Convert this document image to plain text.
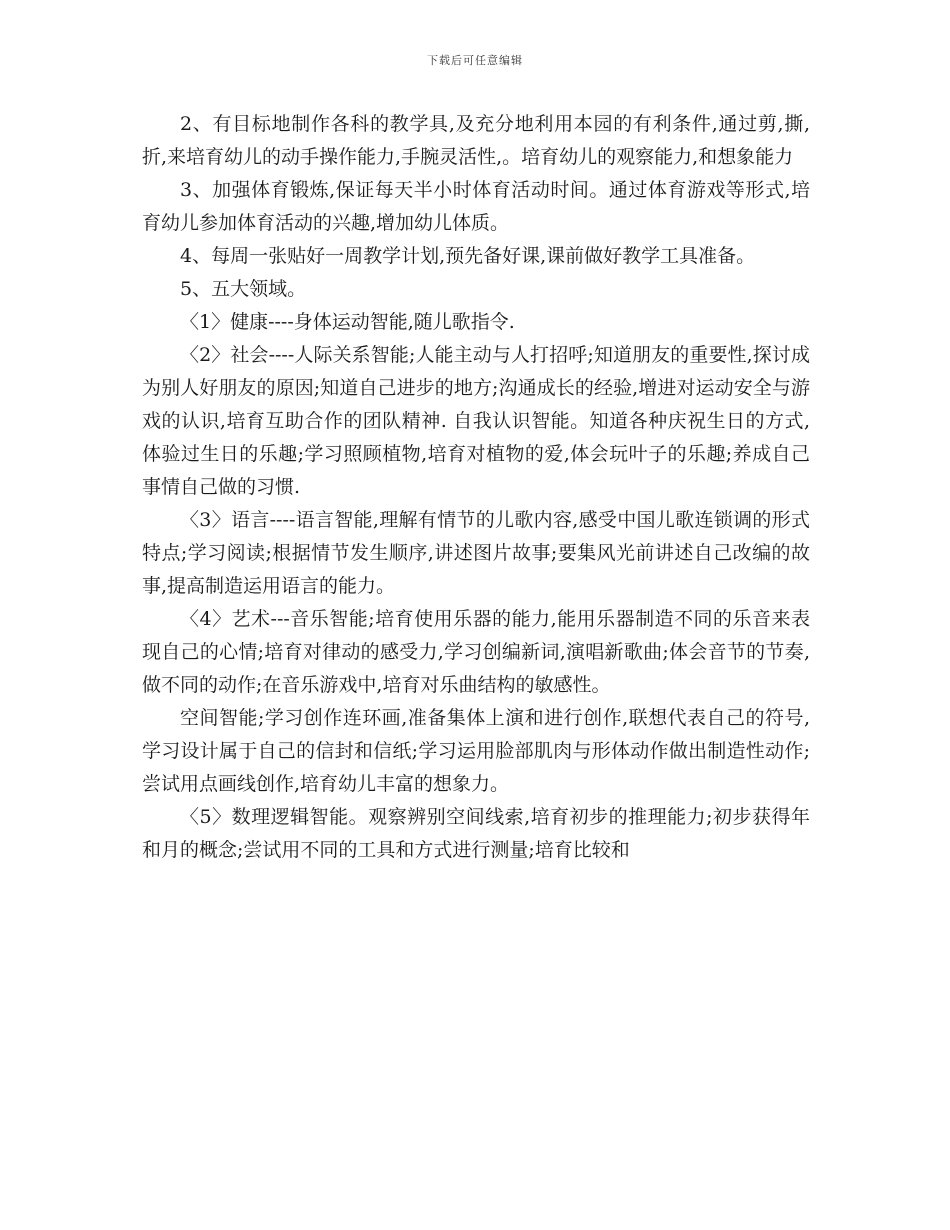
下载后可任意编辑

2、有目标地制作各科的教学具,及充分地利用本园的有利条件,通过剪,撕,折,来培育幼儿的动手操作能力,手腕灵活性,。培育幼儿的观察能力,和想象能力

3、加强体育锻炼,保证每天半小时体育活动时间。通过体育游戏等形式,培育幼儿参加体育活动的兴趣,增加幼儿体质。

4、每周一张贴好一周教学计划,预先备好课,课前做好教学工具准备。

5、五大领域。

〈1〉健康----身体运动智能,随儿歌指令.

〈2〉社会----人际关系智能;人能主动与人打招呼;知道朋友的重要性,探讨成为别人好朋友的原因;知道自己进步的地方;沟通成长的经验,增进对运动安全与游戏的认识,培育互助合作的团队精神. 自我认识智能。知道各种庆祝生日的方式,体验过生日的乐趣;学习照顾植物,培育对植物的爱,体会玩叶子的乐趣;养成自己事情自己做的习惯.

〈3〉语言----语言智能,理解有情节的儿歌内容,感受中国儿歌连锁调的形式特点;学习阅读;根据情节发生顺序,讲述图片故事;要集风光前讲述自己改编的故事,提高制造运用语言的能力。

〈4〉艺术---音乐智能;培育使用乐器的能力,能用乐器制造不同的乐音来表现自己的心情;培育对律动的感受力,学习创编新词,演唱新歌曲;体会音节的节奏,做不同的动作;在音乐游戏中,培育对乐曲结构的敏感性。

空间智能;学习创作连环画,准备集体上演和进行创作,联想代表自己的符号,学习设计属于自己的信封和信纸;学习运用脸部肌肉与形体动作做出制造性动作;尝试用点画线创作,培育幼儿丰富的想象力。

〈5〉数理逻辑智能。观察辨别空间线索,培育初步的推理能力;初步获得年和月的概念;尝试用不同的工具和方式进行测量;培育比较和
